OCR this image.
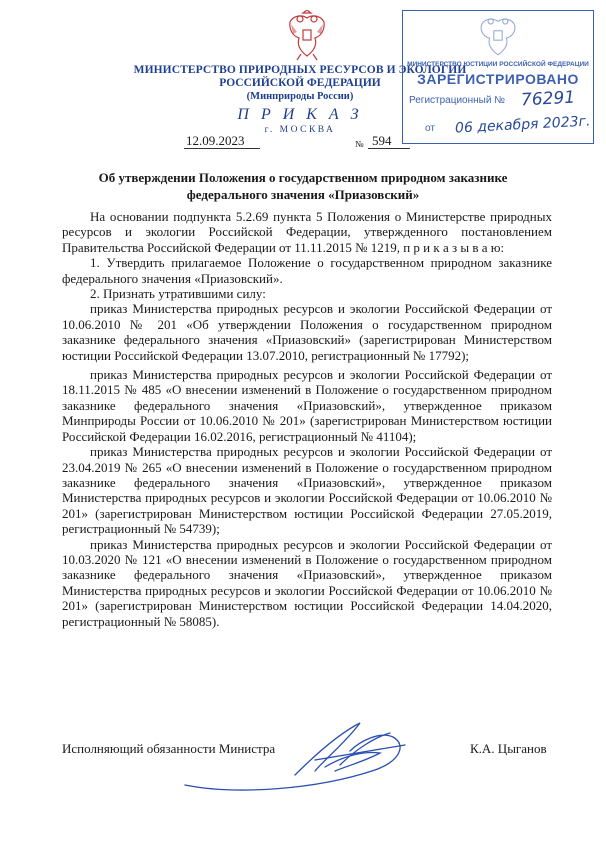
МИНИСТЕРСТВО ПРИРОДНЫХ РЕСУРСОВ И ЭКОЛОГИИ
РОССИЙСКОЙ ФЕДЕРАЦИИ
(Минприроды России)
П Р И К А З
г. МОСКВА
12.09.2023	№ 594
МИНИСТЕРСТВО ЮСТИЦИИ РОССИЙСКОЙ ФЕДЕРАЦИИ
ЗАРЕГИСТРИРОВАНО
Регистрационный № 76291
от 06 декабря 2023г.
Об утверждении Положения о государственном природном заказнике
федерального значения «Приазовский»

На основании подпункта 5.2.69 пункта 5 Положения о Министерстве природных ресурсов и экологии Российской Федерации, утвержденного постановлением Правительства Российской Федерации от 11.11.2015 № 1219, п р и к а з ы в а ю:

1. Утвердить прилагаемое Положение о государственном природном заказнике федерального значения «Приазовский».

2. Признать утратившими силу:

приказ Министерства природных ресурсов и экологии Российской Федерации от 10.06.2010 № 201 «Об утверждении Положения о государственном природном заказнике федерального значения «Приазовский» (зарегистрирован Министерством юстиции Российской Федерации 13.07.2010, регистрационный № 17792);

приказ Министерства природных ресурсов и экологии Российской Федерации от 18.11.2015 № 485 «О внесении изменений в Положение о государственном природном заказнике федерального значения «Приазовский», утвержденное приказом Минприроды России от 10.06.2010 № 201» (зарегистрирован Министерством юстиции Российской Федерации 16.02.2016, регистрационный № 41104);

приказ Министерства природных ресурсов и экологии Российской Федерации от 23.04.2019 № 265 «О внесении изменений в Положение о государственном природном заказнике федерального значения «Приазовский», утвержденное приказом Министерства природных ресурсов и экологии Российской Федерации от 10.06.2010 № 201» (зарегистрирован Министерством юстиции Российской Федерации 27.05.2019, регистрационный № 54739);

приказ Министерства природных ресурсов и экологии Российской Федерации от 10.03.2020 № 121 «О внесении изменений в Положение о государственном природном заказнике федерального значения «Приазовский», утвержденное приказом Министерства природных ресурсов и экологии Российской Федерации от 10.06.2010 № 201» (зарегистрирован Министерством юстиции Российской Федерации 14.04.2020, регистрационный № 58085).

Исполняющий обязанности Министра	К.А. Цыганов
